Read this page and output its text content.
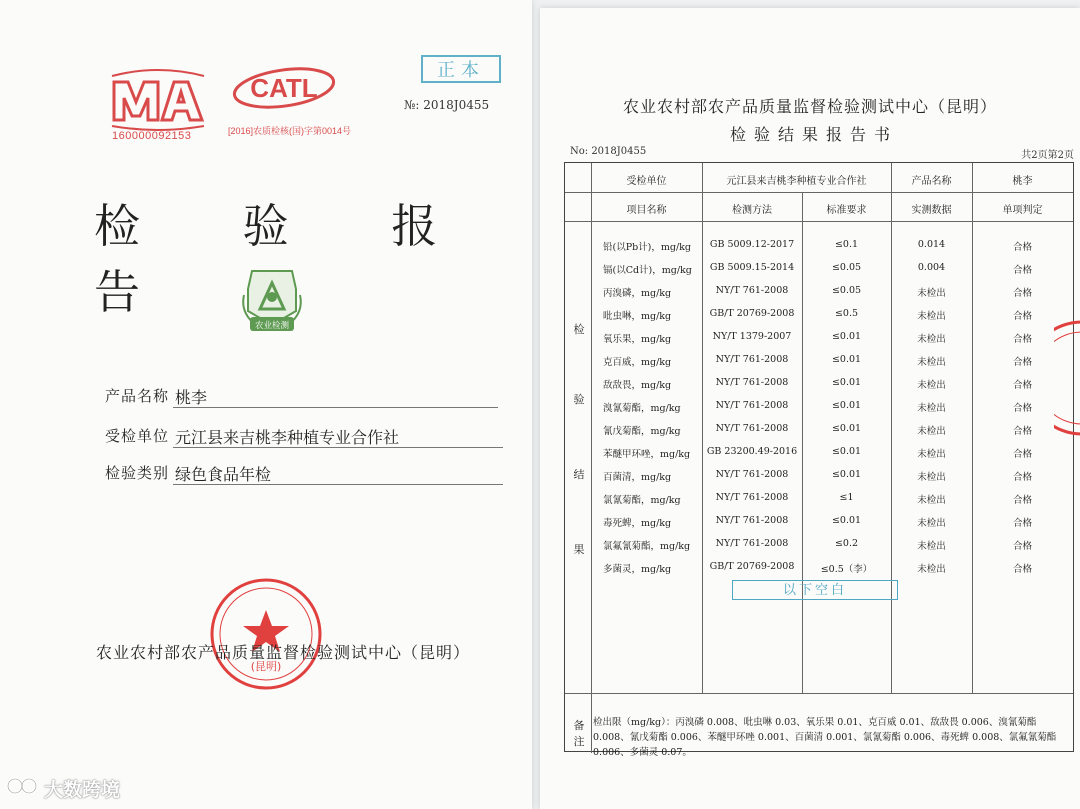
160000092153
CATL
[2016]农质检核(国)字第0014号
正本
№: 2018J0455
检 验 报 告
农业检测
产品名称 桃李
受检单位 元江县来吉桃李种植专业合作社
检验类别 绿色食品年检
(昆明)
农业农村部农产品质量监督检验测试中心（昆明）
大数跨境
农业农村部农产品质量监督检验测试中心（昆明）
检验结果报告书
No: 2018J0455	共2页第2页
受检单位	元江县来吉桃李种植专业合作社	产品名称	桃李
项目名称	检测方法	标准要求	实测数据	单项判定
检
验
结
果
铅(以Pb计)，mg/kg	GB 5009.12-2017	≤0.1	0.014	合格
镉(以Cd计)，mg/kg	GB 5009.15-2014	≤0.05	0.004	合格
丙溴磷，mg/kg	NY/T 761-2008	≤0.05	未检出	合格
吡虫啉，mg/kg	GB/T 20769-2008	≤0.5	未检出	合格
氧乐果，mg/kg	NY/T 1379-2007	≤0.01	未检出	合格
克百威，mg/kg	NY/T 761-2008	≤0.01	未检出	合格
敌敌畏，mg/kg	NY/T 761-2008	≤0.01	未检出	合格
溴氰菊酯，mg/kg	NY/T 761-2008	≤0.01	未检出	合格
氰戊菊酯，mg/kg	NY/T 761-2008	≤0.01	未检出	合格
苯醚甲环唑，mg/kg	GB 23200.49-2016	≤0.01	未检出	合格
百菌清，mg/kg	NY/T 761-2008	≤0.01	未检出	合格
氯氰菊酯，mg/kg	NY/T 761-2008	≤1	未检出	合格
毒死蜱，mg/kg	NY/T 761-2008	≤0.01	未检出	合格
氯氟氰菊酯，mg/kg	NY/T 761-2008	≤0.2	未检出	合格
多菌灵，mg/kg	GB/T 20769-2008	≤0.5（李）	未检出	合格
以下空白
备
注
检出限（mg/kg）：丙溴磷 0.008、吡虫啉 0.03、氧乐果 0.01、克百威 0.01、敌敌畏 0.006、溴氰菊酯 0.008、氰戊菊酯 0.006、苯醚甲环唑 0.001、百菌清 0.001、氯氰菊酯 0.006、毒死蜱 0.008、氯氟氰菊酯 0.006、多菌灵 0.07。
